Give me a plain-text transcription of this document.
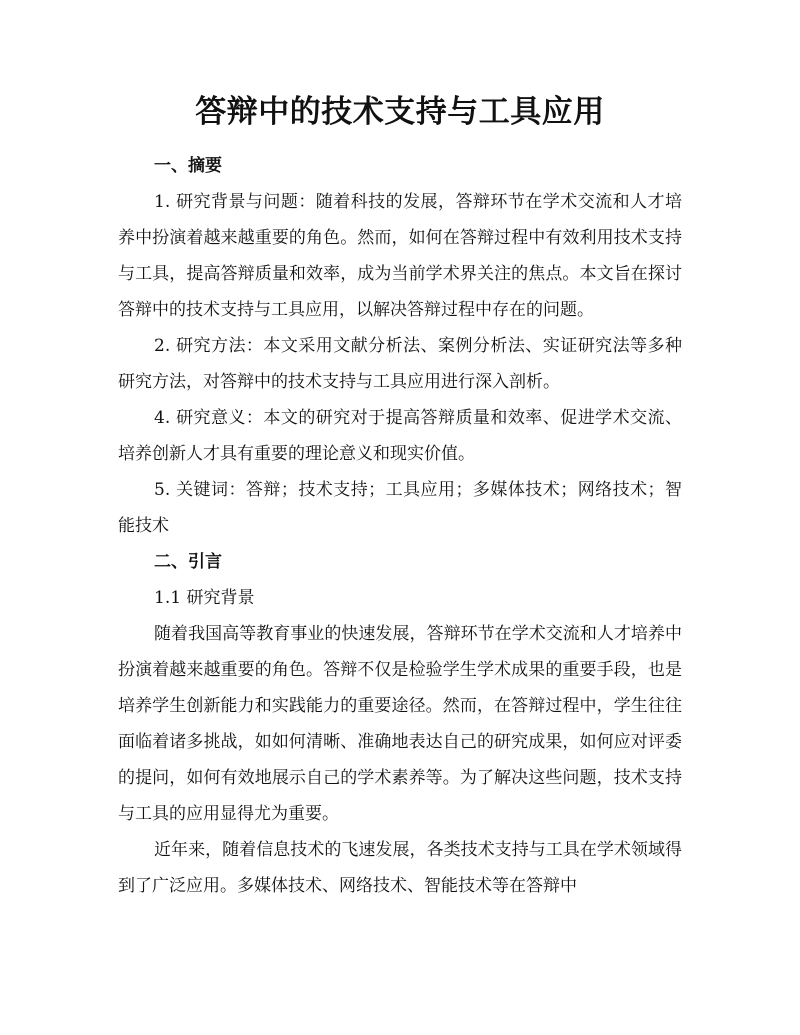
答辩中的技术支持与工具应用
一、摘要

1. 研究背景与问题：随着科技的发展，答辩环节在学术交流和人才培养中扮演着越来越重要的角色。然而，如何在答辩过程中有效利用技术支持与工具，提高答辩质量和效率，成为当前学术界关注的焦点。本文旨在探讨答辩中的技术支持与工具应用，以解决答辩过程中存在的问题。

2. 研究方法：本文采用文献分析法、案例分析法、实证研究法等多种研究方法，对答辩中的技术支持与工具应用进行深入剖析。

4. 研究意义：本文的研究对于提高答辩质量和效率、促进学术交流、培养创新人才具有重要的理论意义和现实价值。

5. 关键词：答辩；技术支持；工具应用；多媒体技术；网络技术；智能技术

二、引言

1.1 研究背景

随着我国高等教育事业的快速发展，答辩环节在学术交流和人才培养中扮演着越来越重要的角色。答辩不仅是检验学生学术成果的重要手段，也是培养学生创新能力和实践能力的重要途径。然而，在答辩过程中，学生往往面临着诸多挑战，如如何清晰、准确地表达自己的研究成果，如何应对评委的提问，如何有效地展示自己的学术素养等。为了解决这些问题，技术支持与工具的应用显得尤为重要。

近年来，随着信息技术的飞速发展，各类技术支持与工具在学术领域得到了广泛应用。多媒体技术、网络技术、智能技术等在答辩中
